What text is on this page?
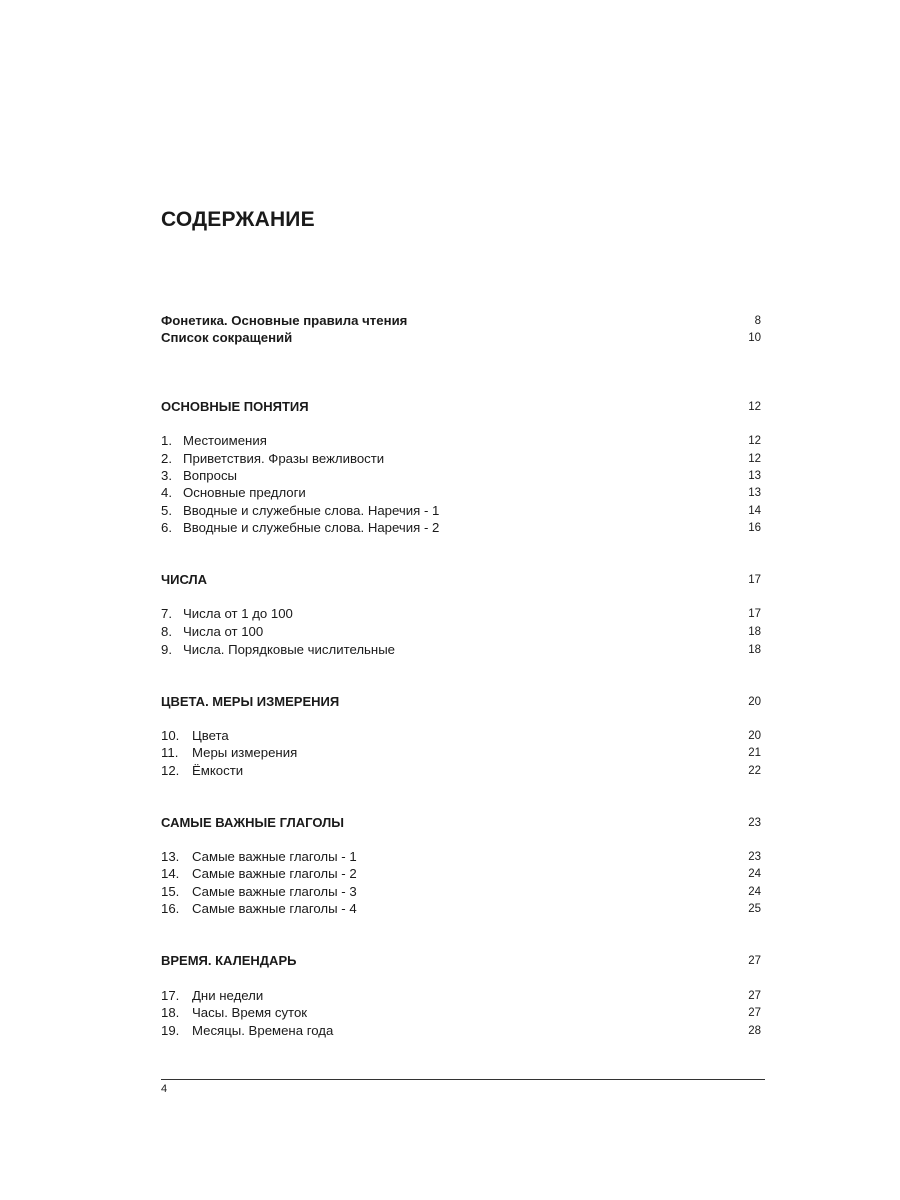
СОДЕРЖАНИЕ
Фонетика. Основные правила чтения	8
Список сокращений	10
ОСНОВНЫЕ ПОНЯТИЯ	12
1. Местоимения	12
2. Приветствия. Фразы вежливости	12
3. Вопросы	13
4. Основные предлоги	13
5. Вводные и служебные слова. Наречия - 1	14
6. Вводные и служебные слова. Наречия - 2	16
ЧИСЛА	17
7. Числа от 1 до 100	17
8. Числа от 100	18
9. Числа. Порядковые числительные	18
ЦВЕТА. МЕРЫ ИЗМЕРЕНИЯ	20
10. Цвета	20
11. Меры измерения	21
12. Ёмкости	22
САМЫЕ ВАЖНЫЕ ГЛАГОЛЫ	23
13. Самые важные глаголы - 1	23
14. Самые важные глаголы - 2	24
15. Самые важные глаголы - 3	24
16. Самые важные глаголы - 4	25
ВРЕМЯ. КАЛЕНДАРЬ	27
17. Дни недели	27
18. Часы. Время суток	27
19. Месяцы. Времена года	28
4
